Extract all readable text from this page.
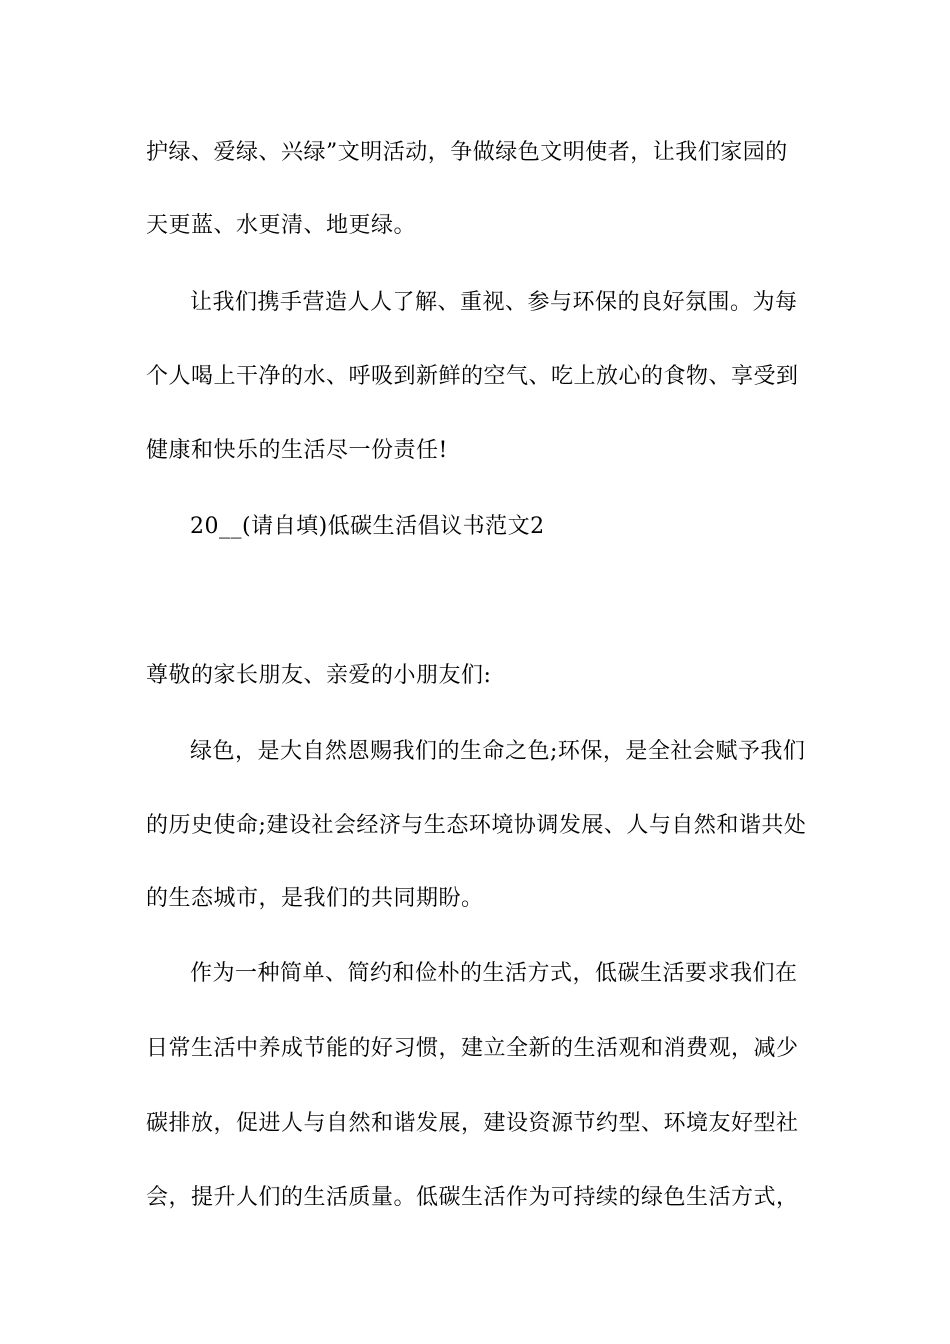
护绿、爱绿、兴绿”文明活动，争做绿色文明使者，让我们家园的
天更蓝、水更清、地更绿。
让我们携手营造人人了解、重视、参与环保的良好氛围。为每
个人喝上干净的水、呼吸到新鲜的空气、吃上放心的食物、享受到
健康和快乐的生活尽一份责任!
20__(请自填)低碳生活倡议书范文2
尊敬的家长朋友、亲爱的小朋友们:
绿色，是大自然恩赐我们的生命之色;环保，是全社会赋予我们
的历史使命;建设社会经济与生态环境协调发展、人与自然和谐共处
的生态城市，是我们的共同期盼。
作为一种简单、简约和俭朴的生活方式，低碳生活要求我们在
日常生活中养成节能的好习惯，建立全新的生活观和消费观，减少
碳排放，促进人与自然和谐发展，建设资源节约型、环境友好型社
会，提升人们的生活质量。低碳生活作为可持续的绿色生活方式，
